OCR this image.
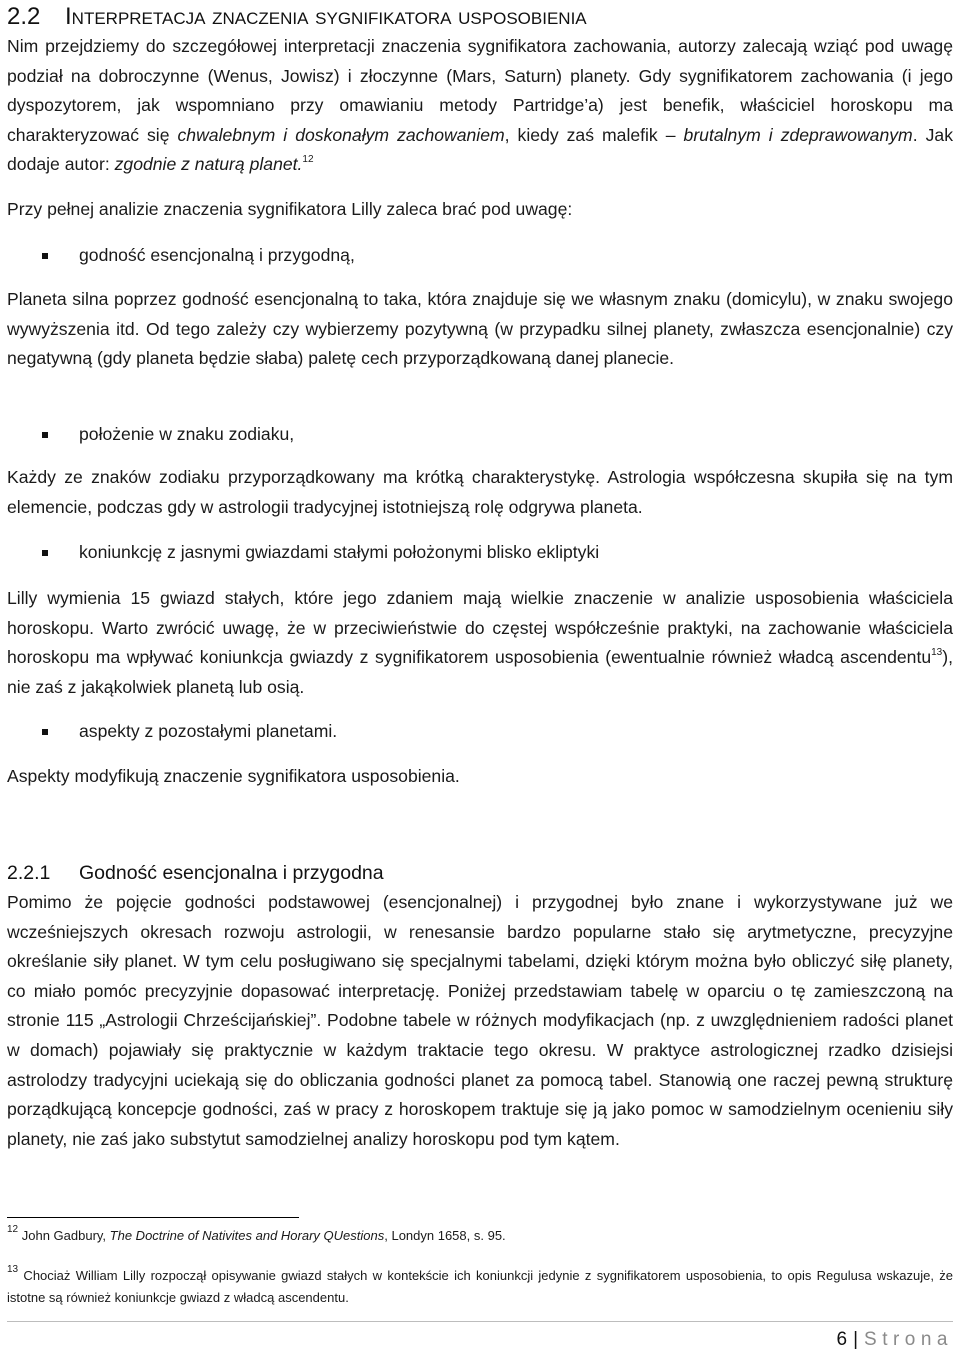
2.2 Interpretacja znaczenia sygnifikatora usposobienia
Nim przejdziemy do szczegółowej interpretacji znaczenia sygnifikatora zachowania, autorzy zalecają wziąć pod uwagę podział na dobroczynne (Wenus, Jowisz) i złoczynne (Mars, Saturn) planety. Gdy sygnifikatorem zachowania (i jego dyspozytorem, jak wspomniano przy omawianiu metody Partridge’a) jest benefik, właściciel horoskopu ma charakteryzować się chwalebnym i doskonałym zachowaniem, kiedy zaś malefik – brutalnym i zdeprawowanym. Jak dodaje autor: zgodnie z naturą planet.$^{12}$
Przy pełnej analizie znaczenia sygnifikatora Lilly zaleca brać pod uwagę:
godność esencjonalną i przygodną,
Planeta silna poprzez godność esencjonalną to taka, która znajduje się we własnym znaku (domicylu), w znaku swojego wywyższenia itd. Od tego zależy czy wybierzemy pozytywną (w przypadku silnej planety, zwłaszcza esencjonalnie) czy negatywną (gdy planeta będzie słaba) paletę cech przyporządkowaną danej planecie.
położenie w znaku zodiaku,
Każdy ze znaków zodiaku przyporządkowany ma krótką charakterystykę. Astrologia współczesna skupiła się na tym elemencie, podczas gdy w astrologii tradycyjnej istotniejszą rolę odgrywa planeta.
koniunkcję z jasnymi gwiazdami stałymi położonymi blisko ekliptyki
Lilly wymienia 15 gwiazd stałych, które jego zdaniem mają wielkie znaczenie w analizie usposobienia właściciela horoskopu. Warto zwrócić uwagę, że w przeciwieństwie do częstej współcześnie praktyki, na zachowanie właściciela horoskopu ma wpływać koniunkcja gwiazdy z sygnifikatorem usposobienia (ewentualnie również władcą ascendentu$^{13}$), nie zaś z jakąkolwiek planetą lub osią.
aspekty z pozostałymi planetami.
Aspekty modyfikują znaczenie sygnifikatora usposobienia.
2.2.1 Godność esencjonalna i przygodna
Pomimo że pojęcie godności podstawowej (esencjonalnej) i przygodnej było znane i wykorzystywane już we wcześniejszych okresach rozwoju astrologii, w renesansie bardzo popularne stało się arytmetyczne, precyzyjne określanie siły planet. W tym celu posługiwano się specjalnymi tabelami, dzięki którym można było obliczyć siłę planety, co miało pomóc precyzyjnie dopasować interpretację. Poniżej przedstawiam tabelę w oparciu o tę zamieszczoną na stronie 115 „Astrologii Chrześcijańskiej”. Podobne tabele w różnych modyfikacjach (np. z uwzględnieniem radości planet w domach) pojawiały się praktycznie w każdym traktacie tego okresu. W praktyce astrologicznej rzadko dzisiejsi astrolodzy tradycyjni uciekają się do obliczania godności planet za pomocą tabel. Stanowią one raczej pewną strukturę porządkującą koncepcje godności, zaś w pracy z horoskopem traktuje się ją jako pomoc w samodzielnym ocenieniu siły planety, nie zaś jako substytut samodzielnej analizy horoskopu pod tym kątem.
$^{12}$ John Gadbury, The Doctrine of Nativites and Horary QUestions, Londyn 1658, s. 95.
$^{13}$ Chociaż William Lilly rozpoczął opisywanie gwiazd stałych w kontekście ich koniunkcji jedynie z sygnifikatorem usposobienia, to opis Regulusa wskazuje, że istotne są również koniunkcje gwiazd z władcą ascendentu.
6 | Strona
